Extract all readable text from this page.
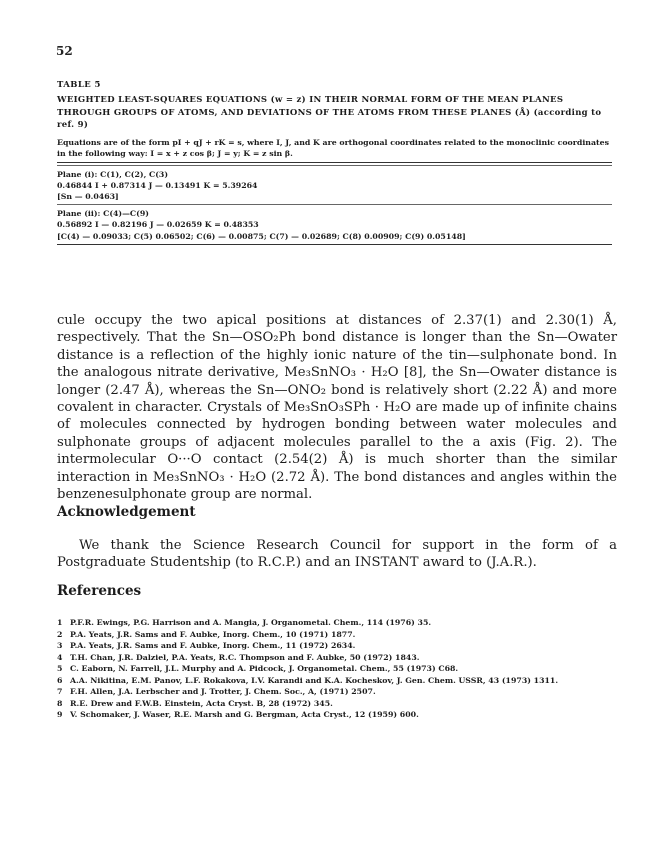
52
TABLE 5
WEIGHTED LEAST-SQUARES EQUATIONS (w = z) IN THEIR NORMAL FORM OF THE MEAN PLANES THROUGH GROUPS OF ATOMS, AND DEVIATIONS OF THE ATOMS FROM THESE PLANES (Å) (according to ref. 9)
Equations are of the form pI + qJ + rK = s, where I, J, and K are orthogonal coordinates related to the monoclinic coordinates in the following way: I = x + z cos β; J = y; K = z sin β.
Plane (i): C(1), C(2), C(3)
0.46844 I + 0.87314 J — 0.13491 K = 5.39264
[Sn — 0.0463]
Plane (ii): C(4)—C(9)
0.56892 I — 0.82196 J — 0.02659 K = 0.48353
[C(4) — 0.09033; C(5) 0.06502; C(6) — 0.00875; C(7) — 0.02689; C(8) 0.00909; C(9) 0.05148]

cule occupy the two apical positions at distances of 2.37(1) and 2.30(1) Å, respectively. That the Sn—OSO₂Ph bond distance is longer than the Sn—Owater distance is a reflection of the highly ionic nature of the tin—sulphonate bond. In the analogous nitrate derivative, Me₃SnNO₃ · H₂O [8], the Sn—Owater distance is longer (2.47 Å), whereas the Sn—ONO₂ bond is relatively short (2.22 Å) and more covalent in character. Crystals of Me₃SnO₃SPh · H₂O are made up of infinite chains of molecules connected by hydrogen bonding between water molecules and sulphonate groups of adjacent molecules parallel to the a axis (Fig. 2). The intermolecular O···O contact (2.54(2) Å) is much shorter than the similar interaction in Me₃SnNO₃ · H₂O (2.72 Å). The bond distances and angles within the benzenesulphonate group are normal.

Acknowledgement
We thank the Science Research Council for support in the form of a Postgraduate Studentship (to R.C.P.) and an INSTANT award to (J.A.R.).
References
1 P.F.R. Ewings, P.G. Harrison and A. Mangia, J. Organometal. Chem., 114 (1976) 35.
2 P.A. Yeats, J.R. Sams and F. Aubke, Inorg. Chem., 10 (1971) 1877.
3 P.A. Yeats, J.R. Sams and F. Aubke, Inorg. Chem., 11 (1972) 2634.
4 T.H. Chan, J.R. Dalziel, P.A. Yeats, R.C. Thompson and F. Aubke, 50 (1972) 1843.
5 C. Eaborn, N. Farrell, J.L. Murphy and A. Pidcock, J. Organometal. Chem., 55 (1973) C68.
6 A.A. Nikitina, E.M. Panov, L.F. Rokakova, I.V. Karandi and K.A. Kocheskov, J. Gen. Chem. USSR, 43 (1973) 1311.
7 F.H. Allen, J.A. Lerbscher and J. Trotter, J. Chem. Soc., A, (1971) 2507.
8 R.E. Drew and F.W.B. Einstein, Acta Cryst. B, 28 (1972) 345.
9 V. Schomaker, J. Waser, R.E. Marsh and G. Bergman, Acta Cryst., 12 (1959) 600.
